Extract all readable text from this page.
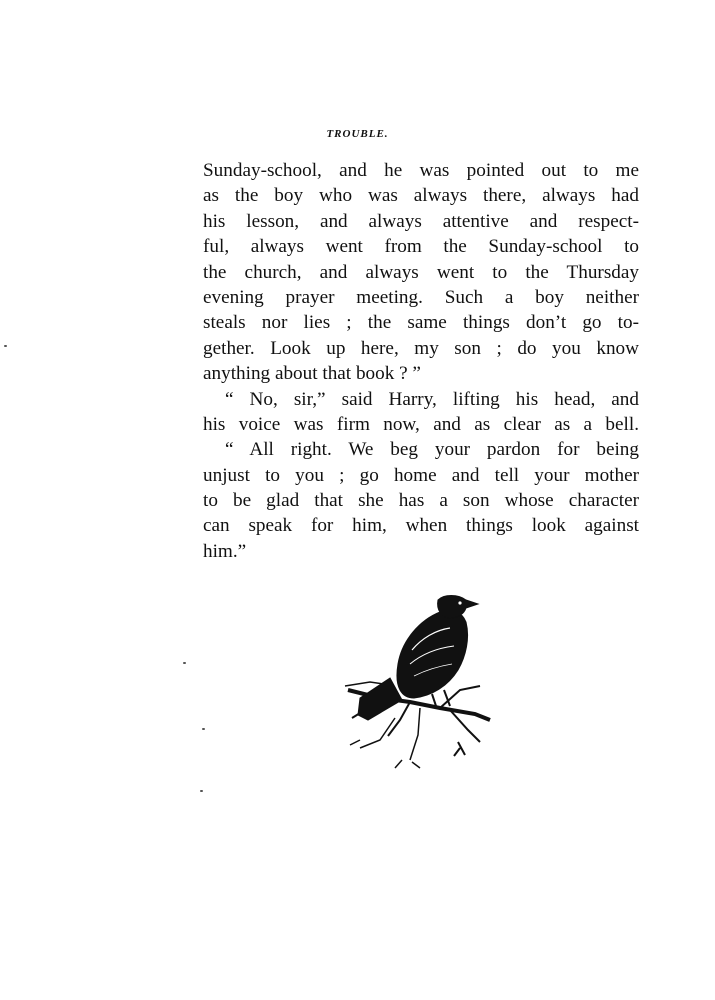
TROUBLE.
Sunday-school, and he was pointed out to me
as the boy who was always there, always had
his lesson, and always attentive and respect-
ful, always went from the Sunday-school to
the church, and always went to the Thursday
evening prayer meeting. Such a boy neither
steals nor lies ; the same things don’t go to-
gether. Look up here, my son ; do you know
anything about that book ? ”
“ No, sir,” said Harry, lifting his head, and
his voice was firm now, and as clear as a bell.
“ All right. We beg your pardon for being
unjust to you ; go home and tell your mother
to be glad that she has a son whose character
can speak for him, when things look against
him.”
